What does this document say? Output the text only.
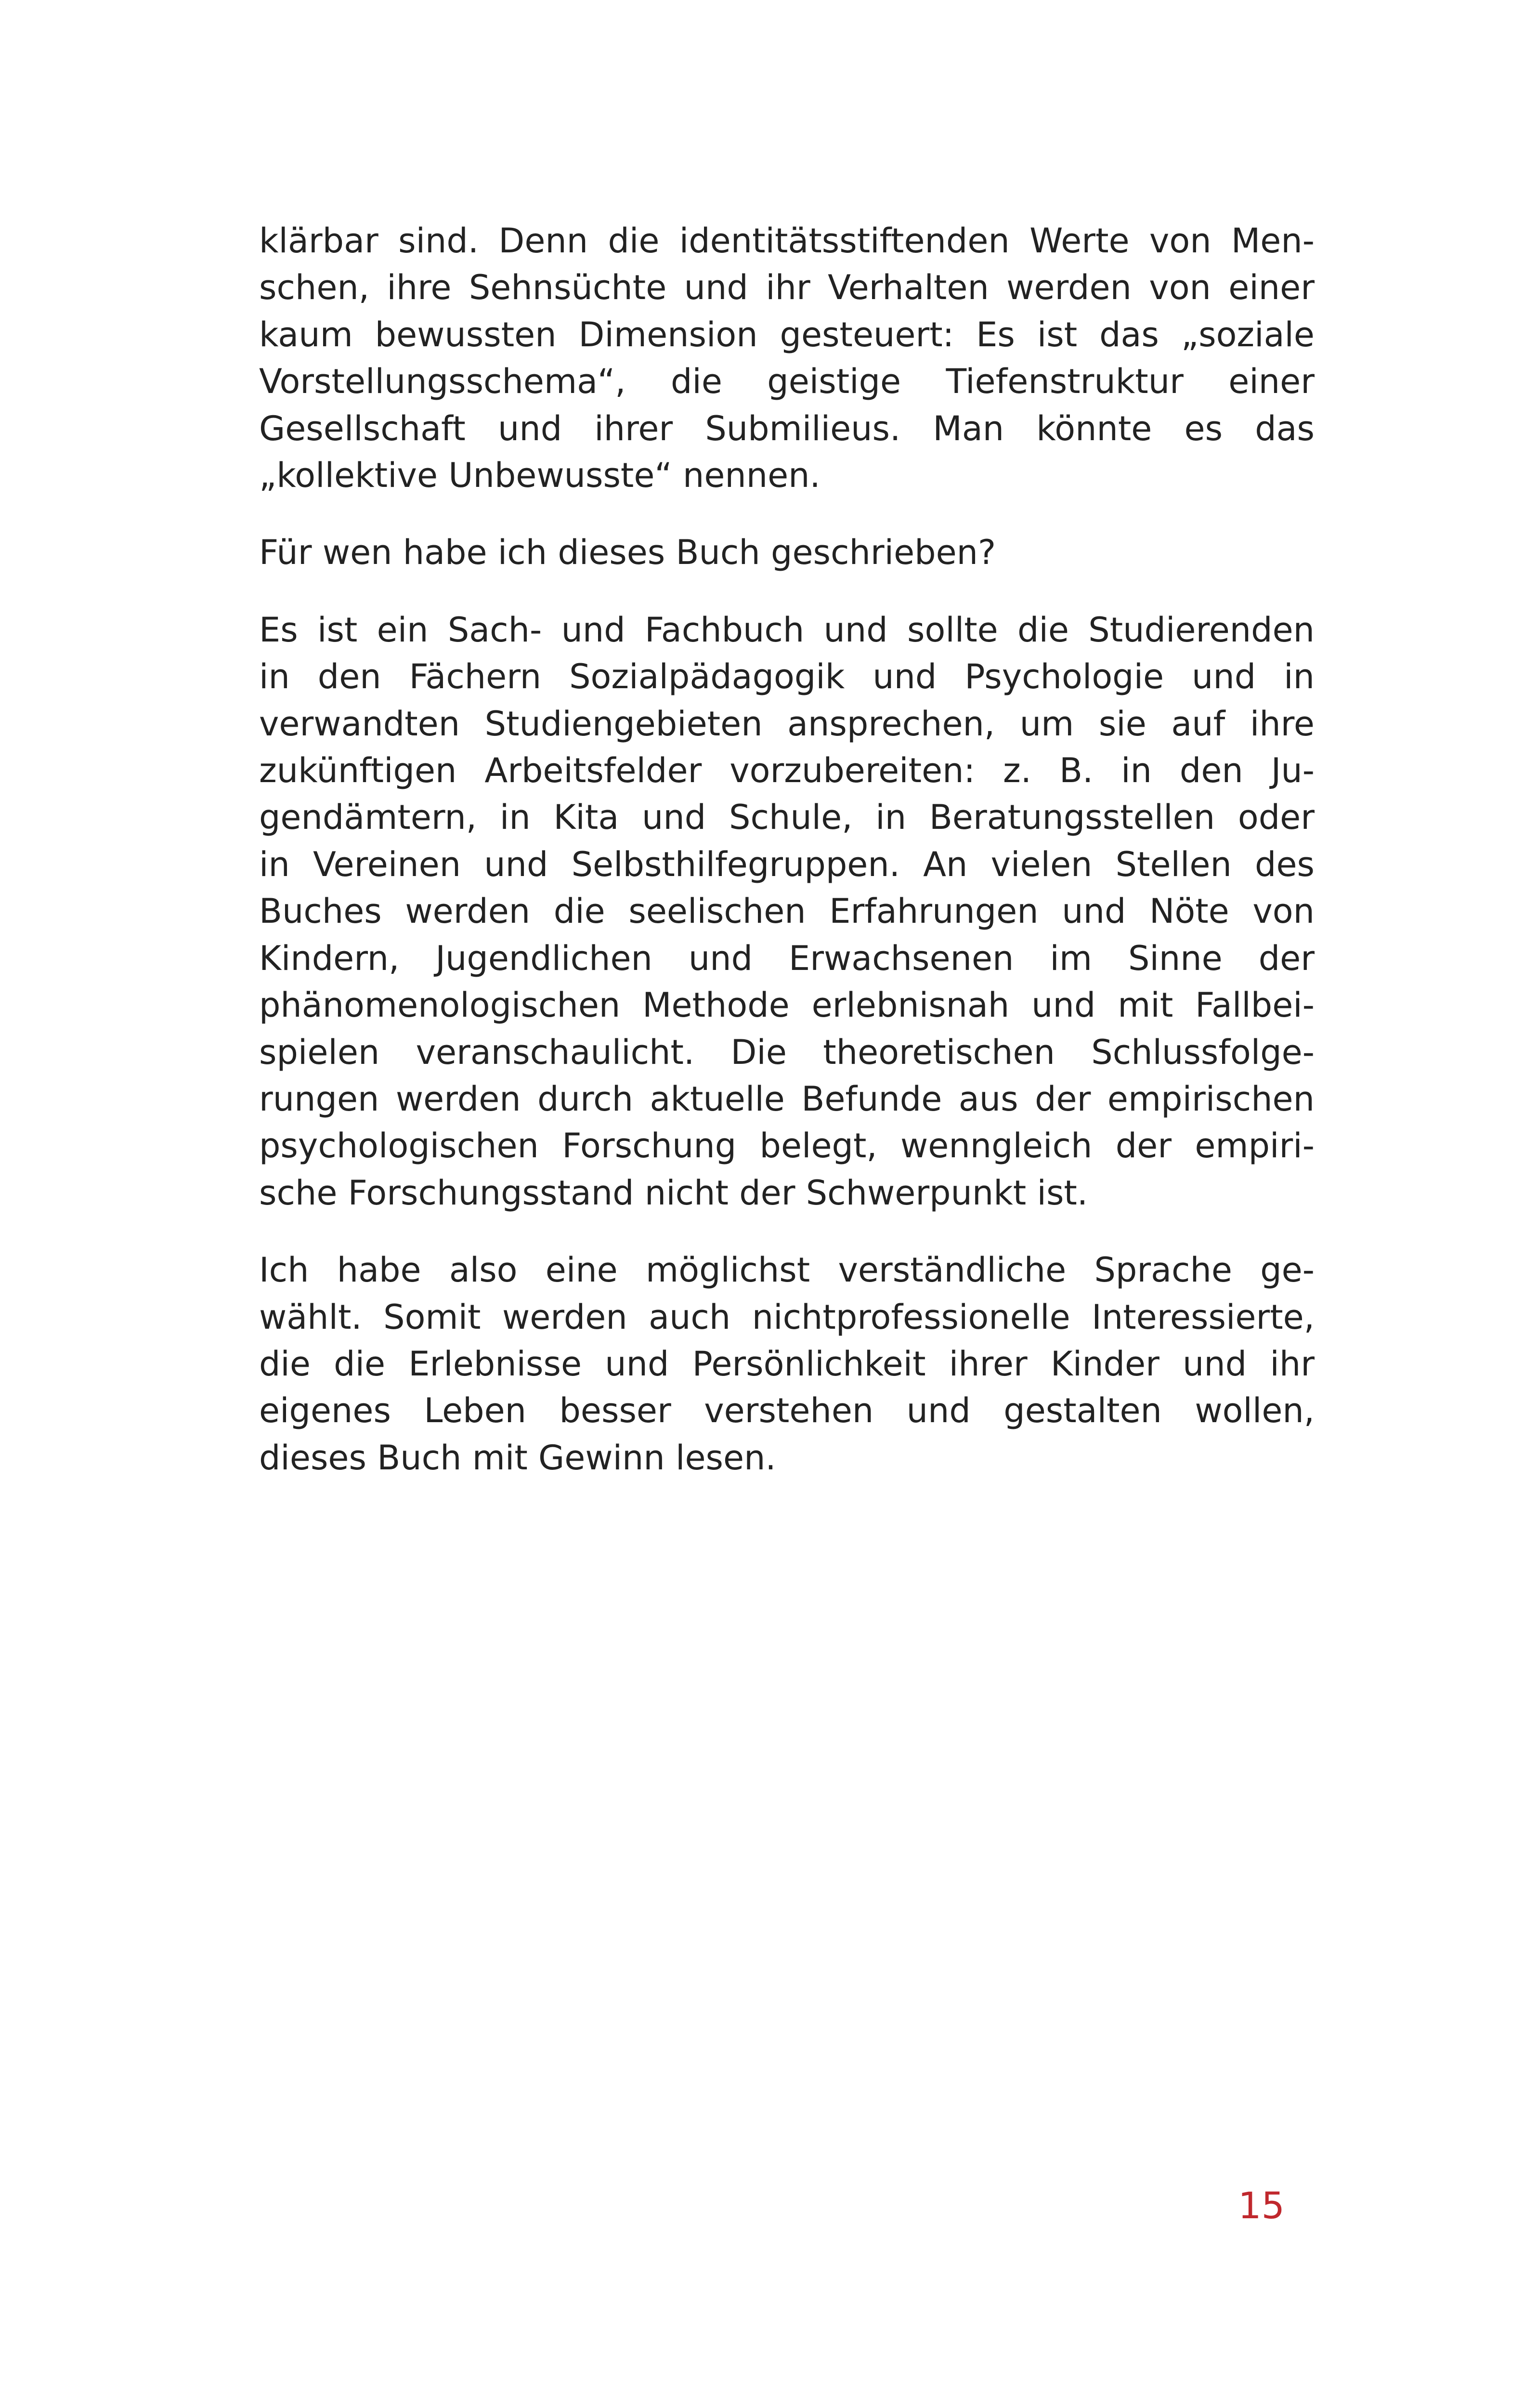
klärbar sind. Denn die identitätsstiftenden Werte von Men-
schen, ihre Sehnsüchte und ihr Verhalten werden von einer
kaum bewussten Dimension gesteuert: Es ist das „soziale
Vorstellungsschema“, die geistige Tiefenstruktur einer
Gesellschaft und ihrer Submilieus. Man könnte es das
„kollektive Unbewusste“ nennen.

Für wen habe ich dieses Buch geschrieben?

Es ist ein Sach- und Fachbuch und sollte die Studierenden
in den Fächern Sozialpädagogik und Psychologie und in
verwandten Studiengebieten ansprechen, um sie auf ihre
zukünftigen Arbeitsfelder vorzubereiten: z. B. in den Ju-
gendämtern, in Kita und Schule, in Beratungsstellen oder
in Vereinen und Selbsthilfegruppen. An vielen Stellen des
Buches werden die seelischen Erfahrungen und Nöte von
Kindern, Jugendlichen und Erwachsenen im Sinne der
phänomenologischen Methode erlebnisnah und mit Fallbei-
spielen veranschaulicht. Die theoretischen Schlussfolge-
rungen werden durch aktuelle Befunde aus der empirischen
psychologischen Forschung belegt, wenngleich der empiri-
sche Forschungsstand nicht der Schwerpunkt ist.

Ich habe also eine möglichst verständliche Sprache ge-
wählt. Somit werden auch nichtprofessionelle Interessierte,
die die Erlebnisse und Persönlichkeit ihrer Kinder und ihr
eigenes Leben besser verstehen und gestalten wollen,
dieses Buch mit Gewinn lesen.

15
